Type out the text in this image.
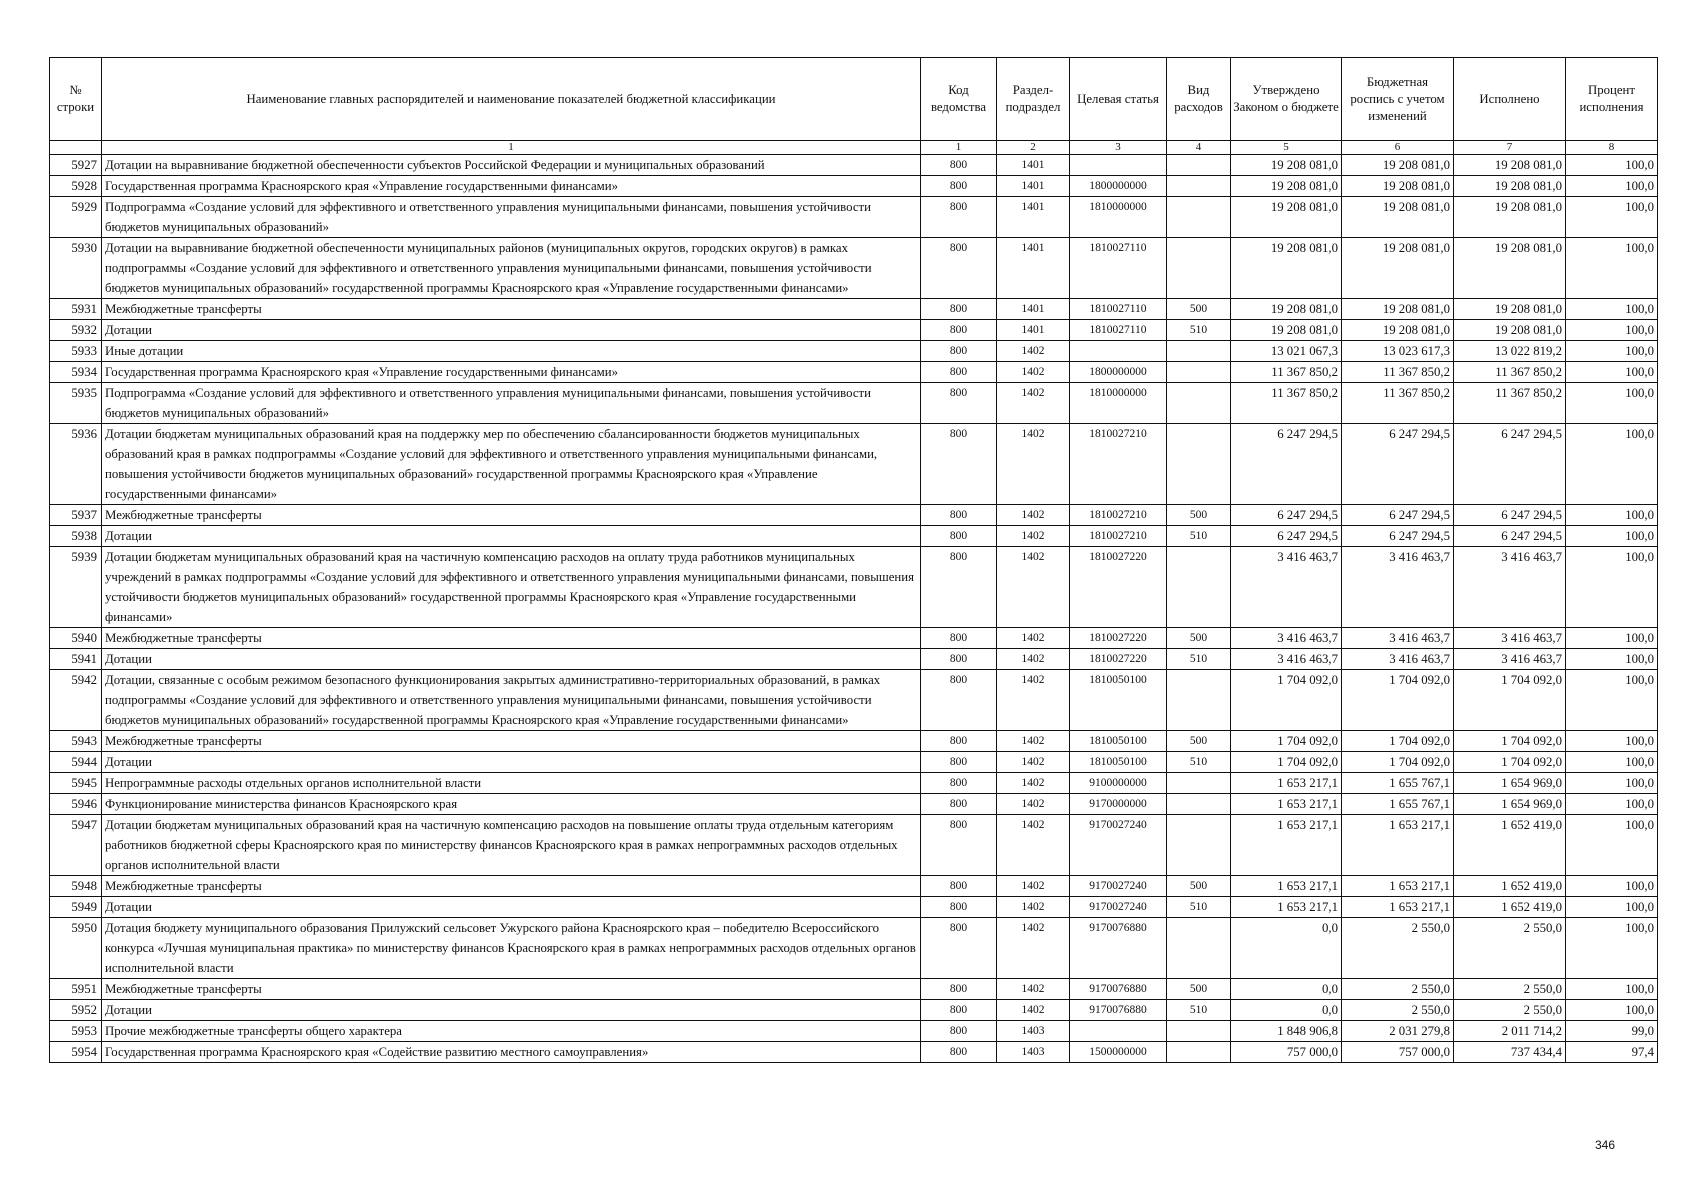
№ строки	Наименование главных распорядителей и наименование показателей бюджетной классификации	Код ведомства	Раздел-подраздел	Целевая статья	Вид расходов	Утверждено Законом о бюджете	Бюджетная роспись с учетом изменений	Исполнено	Процент исполнения
	1	1	2	3	4	5	6	7	8
5927	Дотации на выравнивание бюджетной обеспеченности субъектов Российской Федерации и муниципальных образований	800	1401			19 208 081,0	19 208 081,0	19 208 081,0	100,0
5928	Государственная программа Красноярского края «Управление государственными финансами»	800	1401	1800000000		19 208 081,0	19 208 081,0	19 208 081,0	100,0
5929	Подпрограмма «Создание условий для эффективного и ответственного управления муниципальными финансами, повышения устойчивости бюджетов муниципальных образований»	800	1401	1810000000		19 208 081,0	19 208 081,0	19 208 081,0	100,0
5930	Дотации на выравнивание бюджетной обеспеченности муниципальных районов (муниципальных округов, городских округов) в рамках подпрограммы «Создание условий для эффективного и ответственного управления муниципальными финансами, повышения устойчивости бюджетов муниципальных образований» государственной программы Красноярского края «Управление государственными финансами»	800	1401	1810027110		19 208 081,0	19 208 081,0	19 208 081,0	100,0
5931	Межбюджетные трансферты	800	1401	1810027110	500	19 208 081,0	19 208 081,0	19 208 081,0	100,0
5932	Дотации	800	1401	1810027110	510	19 208 081,0	19 208 081,0	19 208 081,0	100,0
5933	Иные дотации	800	1402			13 021 067,3	13 023 617,3	13 022 819,2	100,0
5934	Государственная программа Красноярского края «Управление государственными финансами»	800	1402	1800000000		11 367 850,2	11 367 850,2	11 367 850,2	100,0
5935	Подпрограмма «Создание условий для эффективного и ответственного управления муниципальными финансами, повышения устойчивости бюджетов муниципальных образований»	800	1402	1810000000		11 367 850,2	11 367 850,2	11 367 850,2	100,0
5936	Дотации бюджетам муниципальных образований края на поддержку мер по обеспечению сбалансированности бюджетов муниципальных образований края в рамках подпрограммы «Создание условий для эффективного и ответственного управления муниципальными финансами, повышения устойчивости бюджетов муниципальных образований» государственной программы Красноярского края «Управление государственными финансами»	800	1402	1810027210		6 247 294,5	6 247 294,5	6 247 294,5	100,0
5937	Межбюджетные трансферты	800	1402	1810027210	500	6 247 294,5	6 247 294,5	6 247 294,5	100,0
5938	Дотации	800	1402	1810027210	510	6 247 294,5	6 247 294,5	6 247 294,5	100,0
5939	Дотации бюджетам муниципальных образований края на частичную компенсацию расходов на оплату труда работников муниципальных учреждений в рамках подпрограммы «Создание условий для эффективного и ответственного управления муниципальными финансами, повышения устойчивости бюджетов муниципальных образований» государственной программы Красноярского края «Управление государственными финансами»	800	1402	1810027220		3 416 463,7	3 416 463,7	3 416 463,7	100,0
5940	Межбюджетные трансферты	800	1402	1810027220	500	3 416 463,7	3 416 463,7	3 416 463,7	100,0
5941	Дотации	800	1402	1810027220	510	3 416 463,7	3 416 463,7	3 416 463,7	100,0
5942	Дотации, связанные с особым режимом безопасного функционирования закрытых административно-территориальных образований, в рамках подпрограммы «Создание условий для эффективного и ответственного управления муниципальными финансами, повышения устойчивости бюджетов муниципальных образований» государственной программы Красноярского края «Управление государственными финансами»	800	1402	1810050100		1 704 092,0	1 704 092,0	1 704 092,0	100,0
5943	Межбюджетные трансферты	800	1402	1810050100	500	1 704 092,0	1 704 092,0	1 704 092,0	100,0
5944	Дотации	800	1402	1810050100	510	1 704 092,0	1 704 092,0	1 704 092,0	100,0
5945	Непрограммные расходы отдельных органов исполнительной власти	800	1402	9100000000		1 653 217,1	1 655 767,1	1 654 969,0	100,0
5946	Функционирование министерства финансов Красноярского края	800	1402	9170000000		1 653 217,1	1 655 767,1	1 654 969,0	100,0
5947	Дотации бюджетам муниципальных образований края на частичную компенсацию расходов на повышение оплаты труда отдельным категориям работников бюджетной сферы Красноярского края по министерству финансов Красноярского края в рамках непрограммных расходов отдельных органов исполнительной власти	800	1402	9170027240		1 653 217,1	1 653 217,1	1 652 419,0	100,0
5948	Межбюджетные трансферты	800	1402	9170027240	500	1 653 217,1	1 653 217,1	1 652 419,0	100,0
5949	Дотации	800	1402	9170027240	510	1 653 217,1	1 653 217,1	1 652 419,0	100,0
5950	Дотация бюджету муниципального образования Прилужский сельсовет Ужурского района Красноярского края – победителю Всероссийского конкурса «Лучшая муниципальная практика» по министерству финансов Красноярского края в рамках непрограммных расходов отдельных органов исполнительной власти	800	1402	9170076880		0,0	2 550,0	2 550,0	100,0
5951	Межбюджетные трансферты	800	1402	9170076880	500	0,0	2 550,0	2 550,0	100,0
5952	Дотации	800	1402	9170076880	510	0,0	2 550,0	2 550,0	100,0
5953	Прочие межбюджетные трансферты общего характера	800	1403			1 848 906,8	2 031 279,8	2 011 714,2	99,0
5954	Государственная программа Красноярского края «Содействие развитию местного самоуправления»	800	1403	1500000000		757 000,0	757 000,0	737 434,4	97,4
346
